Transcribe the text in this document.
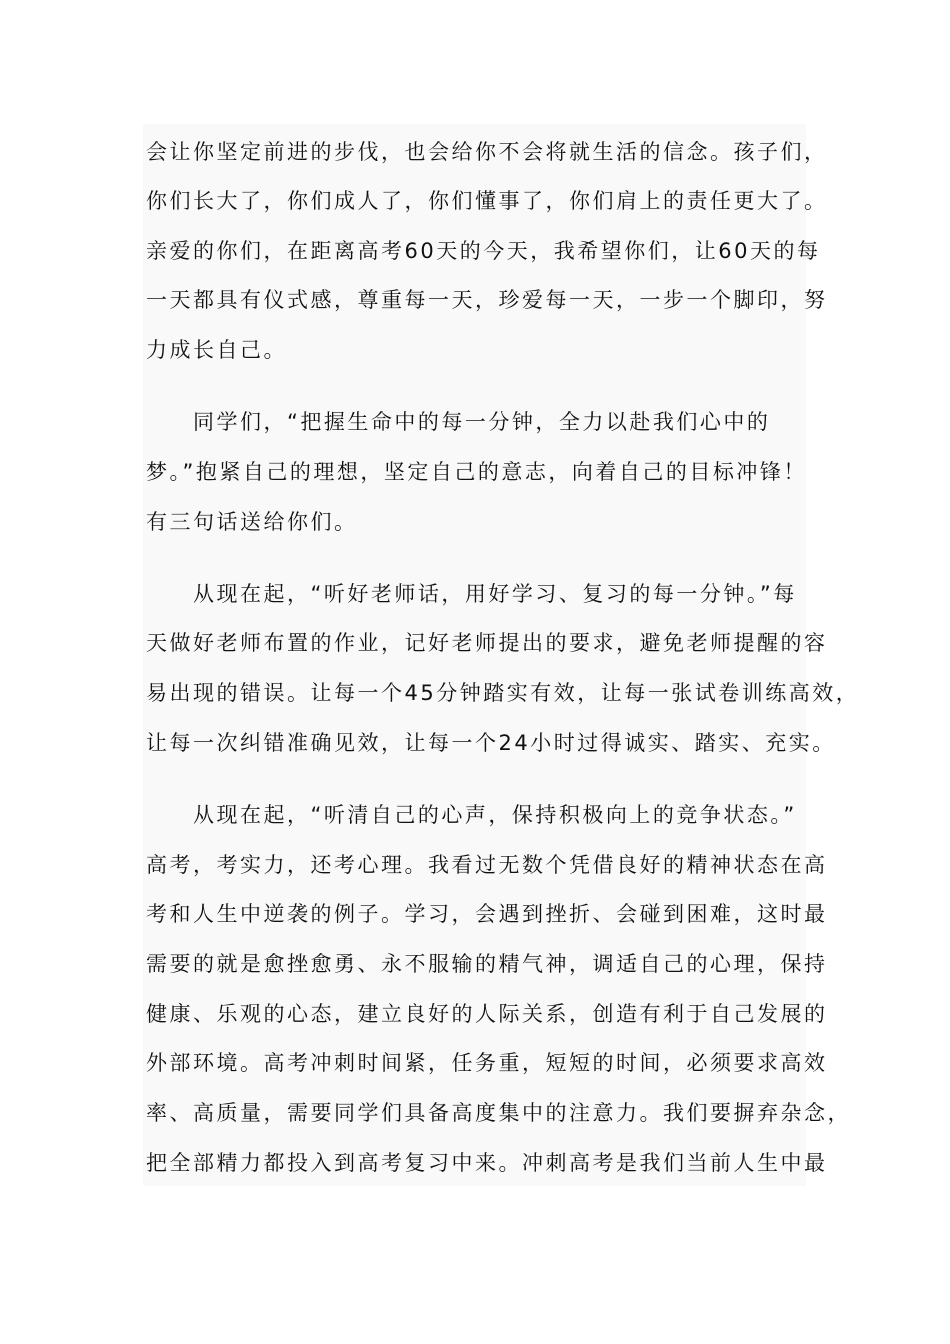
会让你坚定前进的步伐，也会给你不会将就生活的信念。孩子们，
你们长大了，你们成人了，你们懂事了，你们肩上的责任更大了。
亲爱的你们，在距离高考60天的今天，我希望你们，让60天的每
一天都具有仪式感，尊重每一天，珍爱每一天，一步一个脚印，努
力成长自己。
　　同学们，“把握生命中的每一分钟，全力以赴我们心中的
梦。”抱紧自己的理想，坚定自己的意志，向着自己的目标冲锋！
有三句话送给你们。
　　从现在起，“听好老师话，用好学习、复习的每一分钟。”每
天做好老师布置的作业，记好老师提出的要求，避免老师提醒的容
易出现的错误。让每一个45分钟踏实有效，让每一张试卷训练高效，
让每一次纠错准确见效，让每一个24小时过得诚实、踏实、充实。
　　从现在起，“听清自己的心声，保持积极向上的竞争状态。”
高考，考实力，还考心理。我看过无数个凭借良好的精神状态在高
考和人生中逆袭的例子。学习，会遇到挫折、会碰到困难，这时最
需要的就是愈挫愈勇、永不服输的精气神，调适自己的心理，保持
健康、乐观的心态，建立良好的人际关系，创造有利于自己发展的
外部环境。高考冲刺时间紧，任务重，短短的时间，必须要求高效
率、高质量，需要同学们具备高度集中的注意力。我们要摒弃杂念，
把全部精力都投入到高考复习中来。冲刺高考是我们当前人生中最
